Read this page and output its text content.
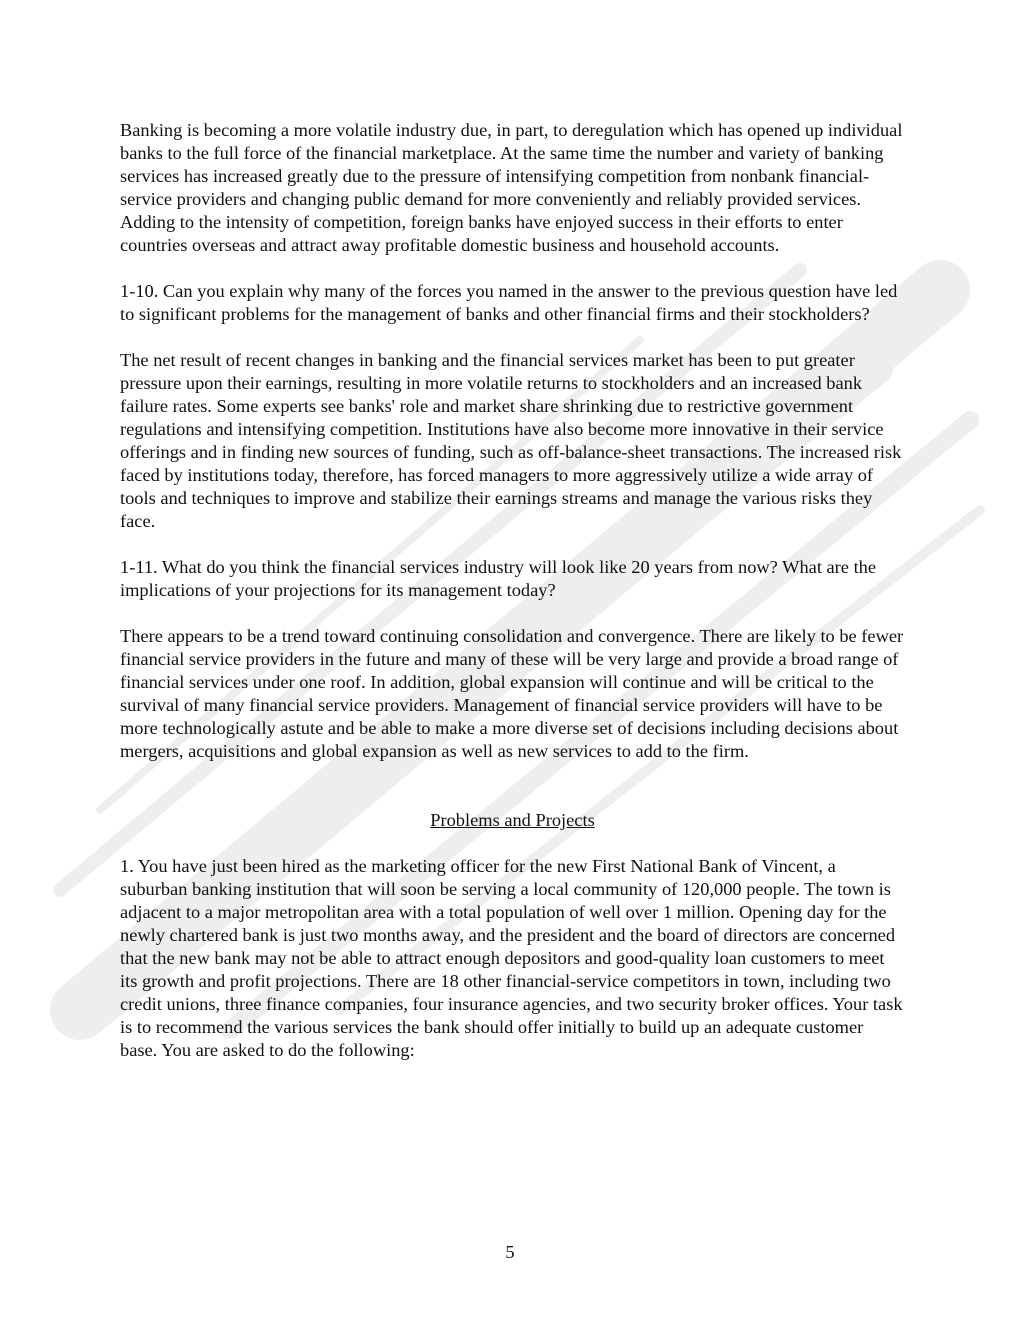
Banking is becoming a more volatile industry due, in part, to deregulation which has opened up individual banks to the full force of the financial marketplace. At the same time the number and variety of banking services has increased greatly due to the pressure of intensifying competition from nonbank financial-service providers and changing public demand for more conveniently and reliably provided services. Adding to the intensity of competition, foreign banks have enjoyed success in their efforts to enter countries overseas and attract away profitable domestic business and household accounts.

1-10. Can you explain why many of the forces you named in the answer to the previous question have led to significant problems for the management of banks and other financial firms and their stockholders?

The net result of recent changes in banking and the financial services market has been to put greater pressure upon their earnings, resulting in more volatile returns to stockholders and an increased bank failure rates. Some experts see banks' role and market share shrinking due to restrictive government regulations and intensifying competition. Institutions have also become more innovative in their service offerings and in finding new sources of funding, such as off-balance-sheet transactions. The increased risk faced by institutions today, therefore, has forced managers to more aggressively utilize a wide array of tools and techniques to improve and stabilize their earnings streams and manage the various risks they face.

1-11. What do you think the financial services industry will look like 20 years from now? What are the implications of your projections for its management today?

There appears to be a trend toward continuing consolidation and convergence. There are likely to be fewer financial service providers in the future and many of these will be very large and provide a broad range of financial services under one roof. In addition, global expansion will continue and will be critical to the survival of many financial service providers. Management of financial service providers will have to be more technologically astute and be able to make a more diverse set of decisions including decisions about mergers, acquisitions and global expansion as well as new services to add to the firm.

Problems and Projects

1. You have just been hired as the marketing officer for the new First National Bank of Vincent, a suburban banking institution that will soon be serving a local community of 120,000 people. The town is adjacent to a major metropolitan area with a total population of well over 1 million. Opening day for the newly chartered bank is just two months away, and the president and the board of directors are concerned that the new bank may not be able to attract enough depositors and good-quality loan customers to meet its growth and profit projections. There are 18 other financial-service competitors in town, including two credit unions, three finance companies, four insurance agencies, and two security broker offices. Your task is to recommend the various services the bank should offer initially to build up an adequate customer base. You are asked to do the following:

5
